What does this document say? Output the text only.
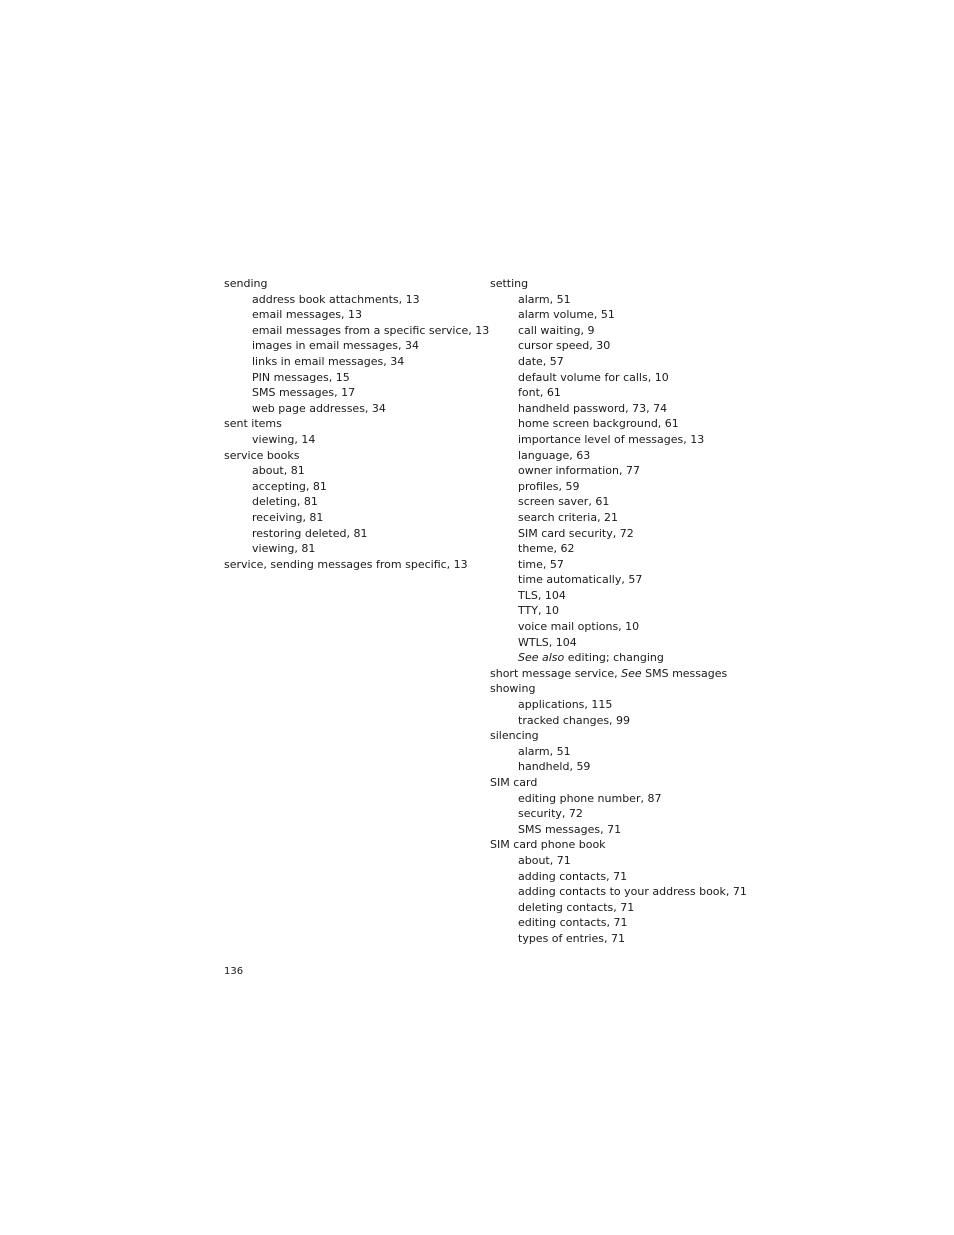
sending
address book attachments, 13
email messages, 13
email messages from a specific service, 13
images in email messages, 34
links in email messages, 34
PIN messages, 15
SMS messages, 17
web page addresses, 34
sent items
viewing, 14
service books
about, 81
accepting, 81
deleting, 81
receiving, 81
restoring deleted, 81
viewing, 81
service, sending messages from specific, 13
setting
alarm, 51
alarm volume, 51
call waiting, 9
cursor speed, 30
date, 57
default volume for calls, 10
font, 61
handheld password, 73, 74
home screen background, 61
importance level of messages, 13
language, 63
owner information, 77
profiles, 59
screen saver, 61
search criteria, 21
SIM card security, 72
theme, 62
time, 57
time automatically, 57
TLS, 104
TTY, 10
voice mail options, 10
WTLS, 104
See also editing; changing
short message service, See SMS messages
showing
applications, 115
tracked changes, 99
silencing
alarm, 51
handheld, 59
SIM card
editing phone number, 87
security, 72
SMS messages, 71
SIM card phone book
about, 71
adding contacts, 71
adding contacts to your address book, 71
deleting contacts, 71
editing contacts, 71
types of entries, 71
136
